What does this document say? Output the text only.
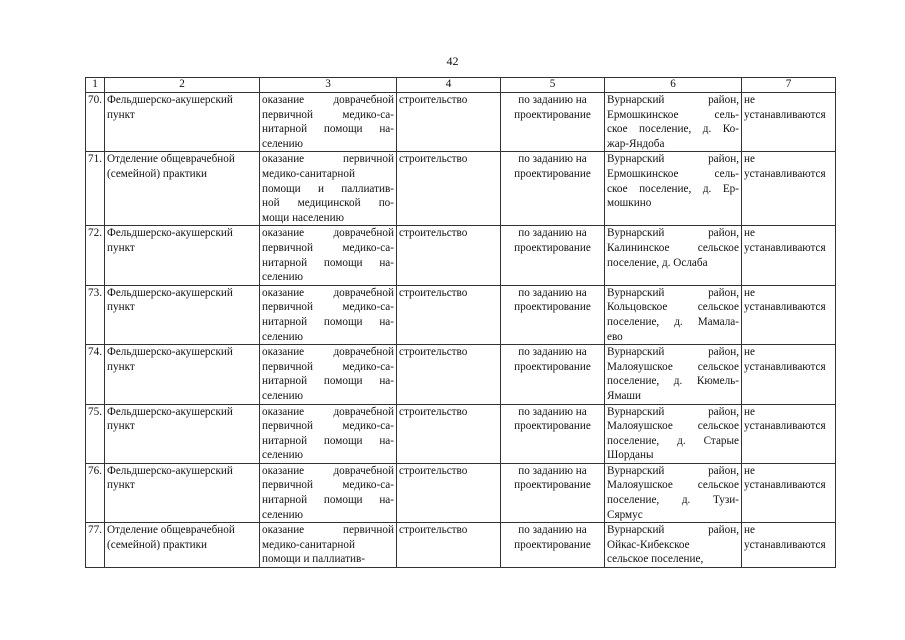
42
1	2	3	4	5	6	7
70.	Фельдшерско-акушерский
пункт	оказание доврачебной
первичной медико-са-
нитарной помощи на-
селению	строительство	по заданию на
проектирование	Вурнарский район,
Ермошкинское сель-
ское поселение, д. Ко-
жар-Яндоба	не устанавливаются
71.	Отделение общеврачебной
(семейной) практики	оказание первичной
медико-санитарной
помощи и паллиатив-
ной медицинской по-
мощи населению	строительство	по заданию на
проектирование	Вурнарский район,
Ермошкинское сель-
ское поселение, д. Ер-
мошкино	не устанавливаются
72.	Фельдшерско-акушерский
пункт	оказание доврачебной
первичной медико-са-
нитарной помощи на-
селению	строительство	по заданию на
проектирование	Вурнарский район,
Калининское сельское
поселение, д. Ослаба	не устанавливаются
73.	Фельдшерско-акушерский
пункт	оказание доврачебной
первичной медико-са-
нитарной помощи на-
селению	строительство	по заданию на
проектирование	Вурнарский район,
Кольцовское сельское
поселение, д. Мамала-
ево	не устанавливаются
74.	Фельдшерско-акушерский
пункт	оказание доврачебной
первичной медико-са-
нитарной помощи на-
селению	строительство	по заданию на
проектирование	Вурнарский район,
Малояушское сельское
поселение, д. Кюмель-
Ямаши	не устанавливаются
75.	Фельдшерско-акушерский
пункт	оказание доврачебной
первичной медико-са-
нитарной помощи на-
селению	строительство	по заданию на
проектирование	Вурнарский район,
Малояушское сельское
поселение, д. Старые
Шорданы	не устанавливаются
76.	Фельдшерско-акушерский
пункт	оказание доврачебной
первичной медико-са-
нитарной помощи на-
селению	строительство	по заданию на
проектирование	Вурнарский район,
Малояушское сельское
поселение, д. Тузи-
Сярмус	не устанавливаются
77.	Отделение общеврачебной
(семейной) практики	оказание первичной
медико-санитарной
помощи и паллиатив-	строительство	по заданию на
проектирование	Вурнарский район,
Ойкас-Кибекское
сельское поселение,	не устанавливаются
